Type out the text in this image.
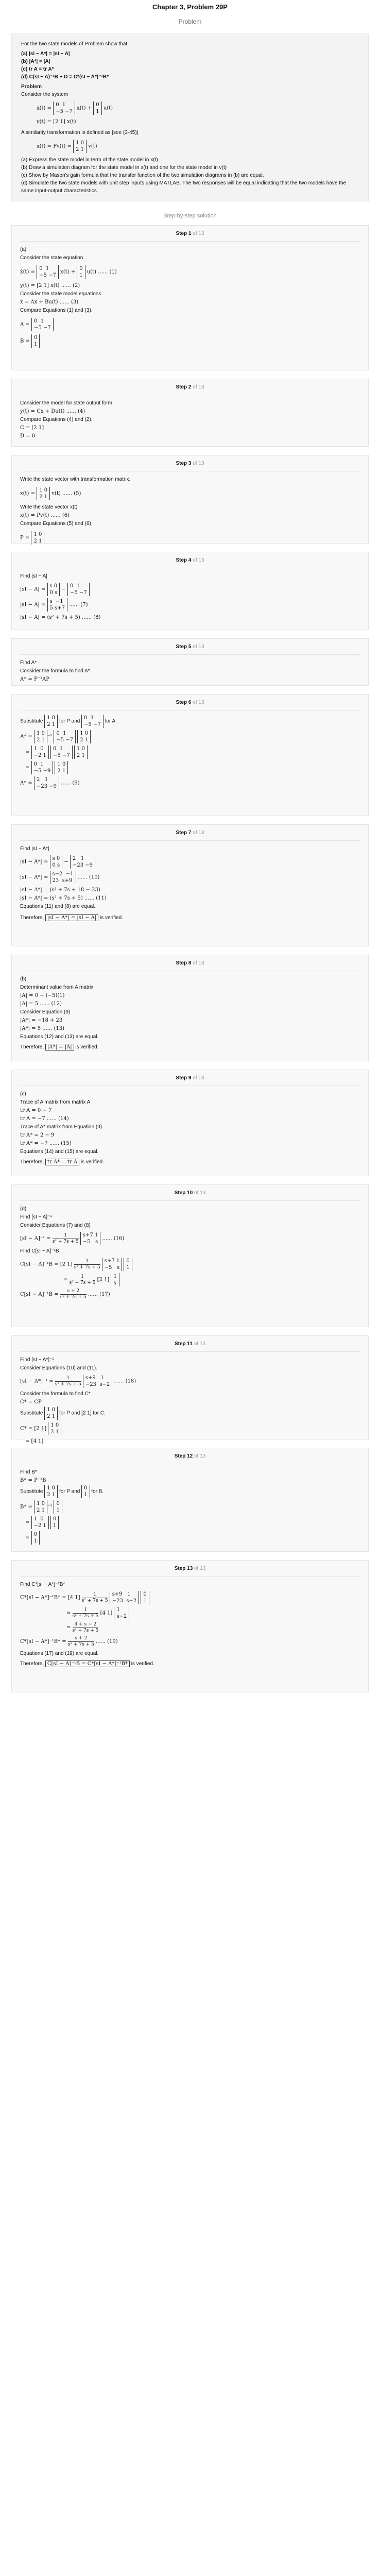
Chapter 3, Problem 29P
Problem
For the two state models of Problem show that:
(a) |sI − A*| = |sI − A|
(b) |A*| = |A|
(c) tr A = tr A*
(d) C(sI − A)⁻¹B + D = C*(sI − A*)⁻¹B*
Problem
Consider the system
ẋ(t) =
0  1
−5 −7
x(t) +
0
1
u(t)
y(t) = [2 1] x(t)
A similarity transformation is defined as [see (3-45)]
x(t) = Pv(t) =
1 0
2 1
v(t)
(a) Express the state model in term of the state model in x(t)
(b) Draw a simulation diagram for the state model in x(t) and one for the state model in v(t)
(c) Show by Mason's gain formula that the transfer function of the two simulation diagrams in (b) are equal.
(d) Simulate the two state models with unit step inputs using MATLAB. The two responses will be equal indicating that the two models have the same input-output characteristics.
Step-by-step solution
Step 1 of 13
(a)
Consider the state equation.
ẋ(t) =
0  1
−5 −7
x(t) +
0
1
u(t) ...... (1)
y(t) = [2 1] x(t) ...... (2)
Consider the state model equations.
ẋ = Ax + Bu(t) ...... (3)
Compare Equations (1) and (3).
A =
0  1
−5 −7
B =
0
1
Step 2 of 13
Consider the model for state output form
y(t) = Cx + Du(t) ...... (4)
Compare Equations (4) and (2).
C = [2 1]
D = 0
Step 3 of 13
Write the state vector with transformation matrix.
x(t) =
1 0
2 1
v(t) ...... (5)
Write the state vector x(t)
x(t) = Pv(t) ...... (6)
Compare Equations (5) and (6).
P =
1 0
2 1
Step 4 of 13
Find |sI − A|
|sI − A| =
s 0
0 s
−
0  1
−5 −7
|sI − A| =
s  −1
5 s+7
...... (7)
|sI − A| = (s² + 7s + 5) ...... (8)
Step 5 of 13
Find A*
Consider the formula to find A*
A* = P⁻¹AP
Step 6 of 13
Substitute
1 0
2 1
for P and
0  1
−5 −7
for A
A* =
1 0
2 1
⁻¹
0  1
−5 −7

1 0
2 1
=
1  0
−2 1

0  1
−5 −7

1 0
2 1
=
0  1
−5 −9

1 0
2 1
A* =
2   1
−23 −9
...... (9)
Step 7 of 13
Find |sI − A*|
|sI − A*| =
s 0
0 s
−
2   1
−23 −9
|sI − A*| =
s−2  −1
23  s+9
...... (10)
|sI − A*| = (s² + 7s + 18 − 23)
|sI − A*| = (s² + 7s + 5) ...... (11)
Equations (11) and (8) are equal.
Therefore, |sI − A*| = |sI − A| is verified.
Step 8 of 13
(b)
Determinant value from A matrix
|A| = 0 − (−5)(1)
|A| = 5 ...... (12)
Consider Equation (9)
|A*| = −18 + 23
|A*| = 5 ...... (13)
Equations (12) and (13) are equal.
Therefore, |A*| = |A| is verified.
Step 9 of 13
(c)
Trace of A matrix from matrix A
tr A = 0 − 7
tr A = −7 ...... (14)
Trace of A* matrix from Equation (9).
tr A* = 2 − 9
tr A* = −7 ...... (15)
Equations (14) and (15) are equal.
Therefore, tr A* = tr A is verified.
Step 10 of 13
(d)
Find [sI − A]⁻¹
Consider Equations (7) and (8)
$[sI - A]^{-1} = \frac{1}{\text{s² + 7s + 5}} s+7$ 1
−5   s
...... (16)
Find C[sI − A]⁻¹B
C[sI − A]⁻¹B = [2 $1] \frac{1}{\text{s² + 7s + 5}} s+7$ 1
−5   s

0
1
= $\frac{1}{\text{s² + 7s + 5}} [2$ 1]
1
s
$C[sI - A]^{-1}B = \frac{s + 2}{\text{s² + 7s + 5}}$ ...... (17)
Step 11 of 13
Find [sI − A*]⁻¹
Consider Equations (10) and (11).
$[sI - A*]^{-1} = \frac{1}{\text{s² + 7s + 5}} s+9$   1
−23  s−2
...... (18)
Consider the formula to find C*
C* = CP
Substitute
1 0
2 1
for P and [2 1] for C.
C* = [2 1]
1 0
2 1
= [4 1]
Step 12 of 13
Find B*
B* = P⁻¹B
Substitute
1 0
2 1
for P and
0
1
for B.
B* =
1 0
2 1
⁻¹
0
1
=
1  0
−2 1

0
1
=
0
1
Step 13 of 13
Find C*[sI − A*]⁻¹B*
C*[sI − A*]⁻¹B* = [4 $1] \frac{1}{\text{s² + 7s + 5}} s+9$   1
−23  s−2

0
1
= $\frac{1}{\text{s² + 7s + 5}} [4$ 1]
1
s−2
= $\frac{4 + s - 2}{\text{s² + 7s + 5}}$
$C*[sI - A*]^{-1}B* = \frac{s + 2}{\text{s² + 7s + 5}}$ ...... (19)
Equations (17) and (19) are equal.
Therefore, C[sI − A]⁻¹B = C*[sI − A*]⁻¹B* is verified.
